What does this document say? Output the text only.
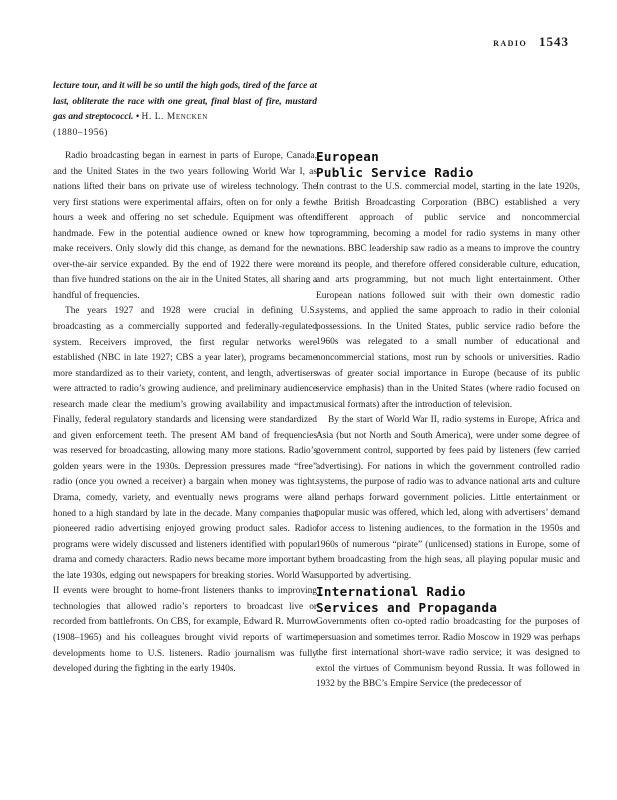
radio 1543
lecture tour, and it will be so until the high gods, tired of the farce at last, obliterate the race with one great, final blast of fire, mustard gas and streptococci. • H. L. Mencken
(1880–1956)

Radio broadcasting began in earnest in parts of Europe, Canada, and the United States in the two years following World War I, as nations lifted their bans on private use of wireless technology. The very first stations were experimental affairs, often on for only a few hours a week and offering no set schedule. Equipment was often handmade. Few in the potential audience owned or knew how to make receivers. Only slowly did this change, as demand for the new over-the-air service expanded. By the end of 1922 there were more than five hundred stations on the air in the United States, all sharing a handful of frequencies.

The years 1927 and 1928 were crucial in defining U.S. broadcasting as a commercially supported and federally-regulated system. Receivers improved, the first regular networks were established (NBC in late 1927; CBS a year later), programs became more standardized as to their variety, content, and length, advertisers were attracted to radio’s growing audience, and preliminary audience research made clear the medium’s growing availability and impact. Finally, federal regulatory standards and licensing were standardized and given enforcement teeth. The present AM band of frequencies was reserved for broadcasting, allowing many more stations. Radio’s golden years were in the 1930s. Depression pressures made “free” radio (once you owned a receiver) a bargain when money was tight. Drama, comedy, variety, and eventually news programs were all honed to a high standard by late in the decade. Many companies that pioneered radio advertising enjoyed growing product sales. Radio programs were widely discussed and listeners identified with popular drama and comedy characters. Radio news became more important by the late 1930s, edging out newspapers for breaking stories. World War II events were brought to home-front listeners thanks to improving technologies that allowed radio’s reporters to broadcast live or recorded from battlefronts. On CBS, for example, Edward R. Murrow (1908–1965) and his colleagues brought vivid reports of wartime developments home to U.S. listeners. Radio journalism was fully developed during the fighting in the early 1940s.

European
Public Service Radio

In contrast to the U.S. commercial model, starting in the late 1920s, the British Broadcasting Corporation (BBC) established a very different approach of public service and noncommercial programming, becoming a model for radio systems in many other nations. BBC leadership saw radio as a means to improve the country and its people, and therefore offered considerable culture, education, and arts programming, but not much light entertainment. Other European nations followed suit with their own domestic radio systems, and applied the same approach to radio in their colonial possessions. In the United States, public service radio before the 1960s was relegated to a small number of educational and noncommercial stations, most run by schools or universities. Radio was of greater social importance in Europe (because of its public service emphasis) than in the United States (where radio focused on musical formats) after the introduction of television.

By the start of World War II, radio systems in Europe, Africa and Asia (but not North and South America), were under some degree of government control, supported by fees paid by listeners (few carried advertising). For nations in which the government controlled radio systems, the purpose of radio was to advance national arts and culture and perhaps forward government policies. Little entertainment or popular music was offered, which led, along with advertisers’ demand for access to listening audiences, to the formation in the 1950s and 1960s of numerous “pirate” (unlicensed) stations in Europe, some of them broadcasting from the high seas, all playing popular music and supported by advertising.

International Radio
Services and Propaganda

Governments often co-opted radio broadcasting for the purposes of persuasion and sometimes terror. Radio Moscow in 1929 was perhaps the first international short-wave radio service; it was designed to extol the virtues of Communism beyond Russia. It was followed in 1932 by the BBC’s Empire Service (the predecessor of
